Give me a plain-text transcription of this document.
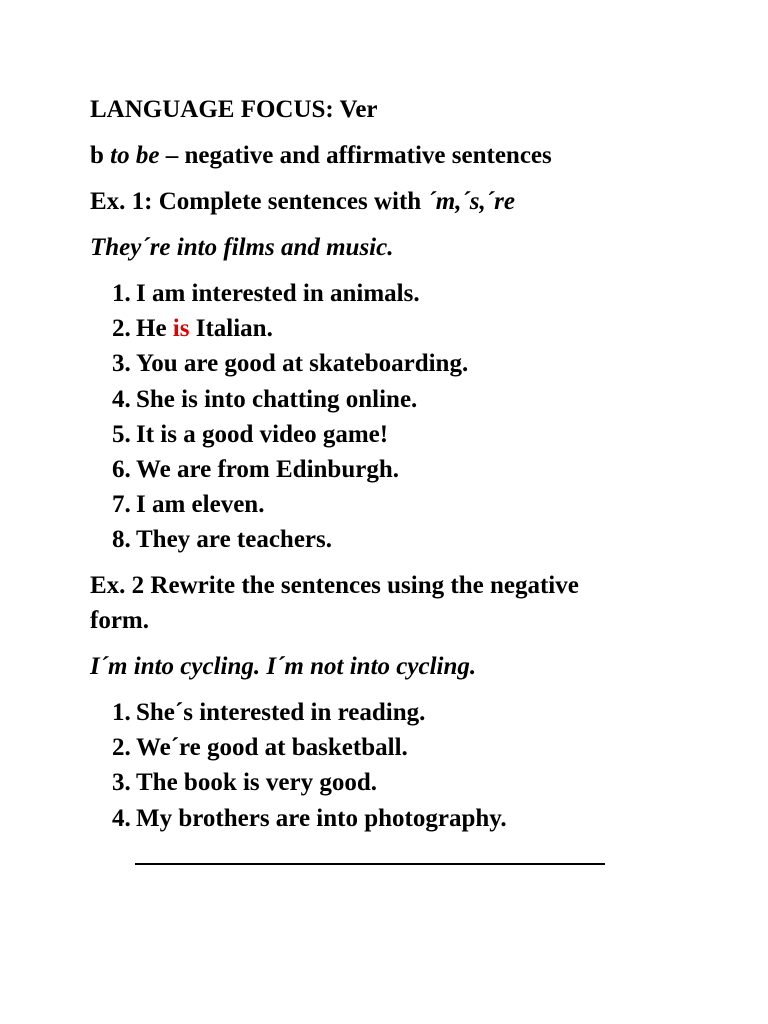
LANGUAGE FOCUS: Ver

b to be – negative and affirmative sentences

Ex. 1: Complete sentences with ´m,´s,´re

They´re into films and music.

1. I am interested in animals.
2. He is Italian.
3. You are good at skateboarding.
4. She is into chatting online.
5. It is a good video game!
6. We are from Edinburgh.
7. I am eleven.
8. They are teachers.

Ex. 2 Rewrite the sentences using the negative

form.

I´m into cycling. I´m not into cycling.

1. She´s interested in reading.
2. We´re good at basketball.
3. The book is very good.
4. My brothers are into photography.
